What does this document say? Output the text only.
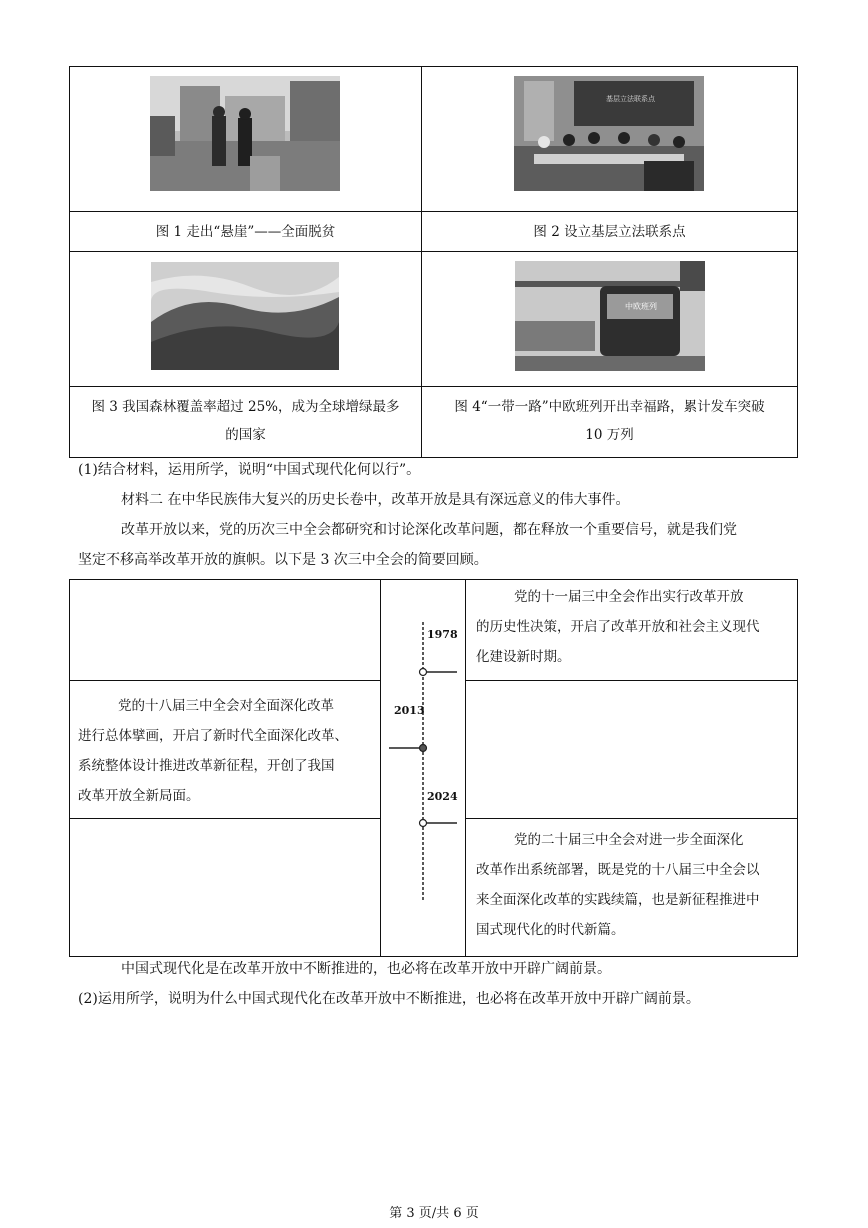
基层立法联系点
图 1 走出“悬崖”——全面脱贫	图 2 设立基层立法联系点
中欧班列
图 3 我国森林覆盖率超过 25%，成为全球增绿最多
的国家
图 4“一带一路”中欧班列开出幸福路，累计发车突破
10 万列
(1)结合材料，运用所学，说明“中国式现代化何以行”。
材料二 在中华民族伟大复兴的历史长卷中，改革开放是具有深远意义的伟大事件。
改革开放以来，党的历次三中全会都研究和讨论深化改革问题，都在释放一个重要信号，就是我们党
坚定不移高举改革开放的旗帜。以下是 3 次三中全会的简要回顾。
党的十八届三中全会对全面深化改革
进行总体擘画，开启了新时代全面深化改革、
系统整体设计推进改革新征程，开创了我国
改革开放全新局面。
1978
2013
2024
党的十一届三中全会作出实行改革开放
的历史性决策，开启了改革开放和社会主义现代
化建设新时期。
党的二十届三中全会对进一步全面深化
改革作出系统部署，既是党的十八届三中全会以
来全面深化改革的实践续篇，也是新征程推进中
国式现代化的时代新篇。
中国式现代化是在改革开放中不断推进的，也必将在改革开放中开辟广阔前景。
(2)运用所学，说明为什么中国式现代化在改革开放中不断推进，也必将在改革开放中开辟广阔前景。
第 3 页/共 6 页
